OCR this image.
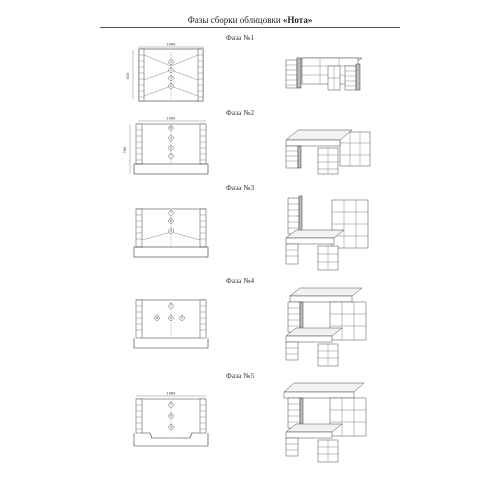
Фазы сборки облицовки «Нота»
Фаза №1
1060
620
1
2
3
4
Фаза №2
1060
780
6
4
5
7
Фаза №3
7
6
4
Фаза №4
7
4
8	5
Фаза №5
1060
7
9
4
